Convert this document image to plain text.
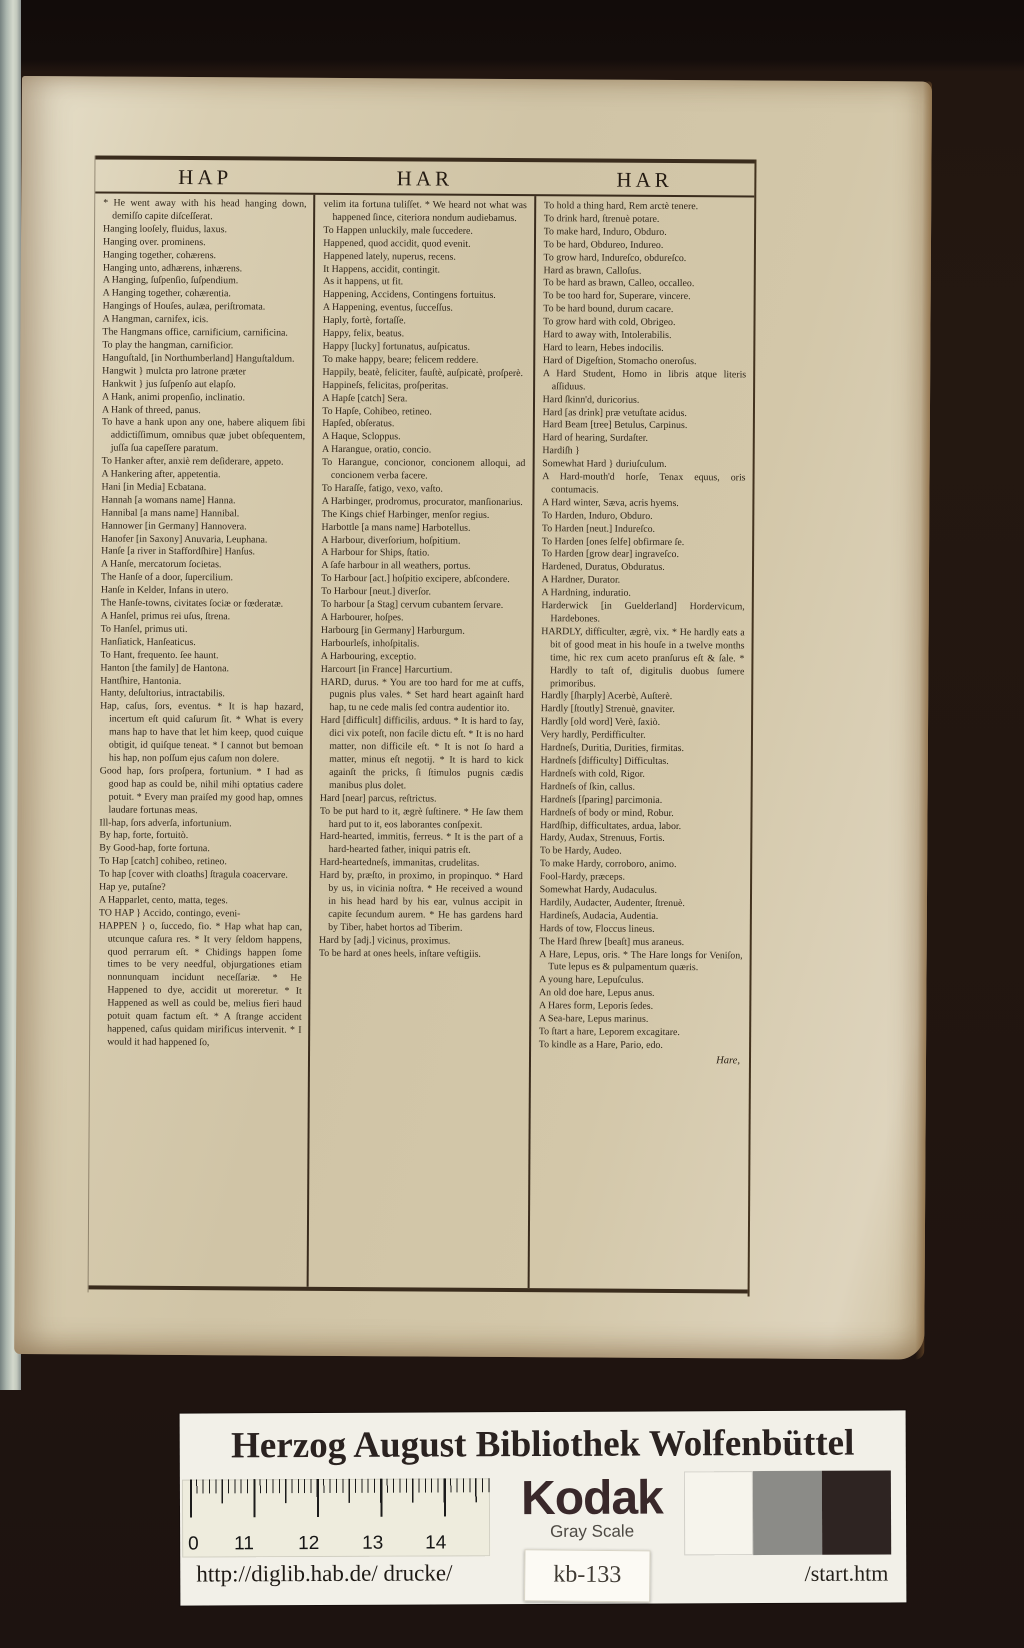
HAP	HAR	HAR

* He went away with his head hanging down, demiſſo capite diſceſſerat.

Hanging looſely, fluidus, laxus.

Hanging over. prominens.

Hanging together, cohærens.

Hanging unto, adhærens, inhærens.

A Hanging, ſuſpenſio, ſuſpendium.

A Hanging together, cohærentia.

Hangings of Houſes, aulæa, periſtromata.

A Hangman, carnifex, icis.

The Hangmans office, carnificium, carnificina.

To play the hangman, carnificior.

Hanguſtald, [in Northumberland] Hanguſtaldum.

Hangwit } mulcta pro latrone præter

Hankwit } jus ſuſpenſo aut elapſo.

A Hank, animi propenſio, inclinatio.

A Hank of threed, panus.

To have a hank upon any one, habere aliquem ſibi addictiſſimum, omnibus quæ jubet obſequentem, juſſa ſua capeſſere paratum.

To Hanker after, anxiè rem deſiderare, appeto.

A Hankering after, appetentia.

Hani [in Media] Ecbatana.

Hannah [a womans name] Hanna.

Hannibal [a mans name] Hannibal.

Hannower [in Germany] Hannovera.

Hanofer [in Saxony] Anuvaria, Leuphana.

Hanſe [a river in Staffordſhire] Hanſus.

A Hanſe, mercatorum ſocietas.

The Hanſe of a door, ſupercilium.

Hanſe in Kelder, Infans in utero.

The Hanſe-towns, civitates ſociæ or fœderatæ.

A Hanſel, primus rei uſus, ſtrena.

To Hanſel, primus uti.

Hanſiatick, Hanſeaticus.

To Hant, frequento. ſee haunt.

Hanton [the family] de Hantona.

Hantſhire, Hantonia.

Hanty, deſultorius, intractabilis.

Hap, caſus, ſors, eventus. * It is hap hazard, incertum eſt quid caſurum ſit. * What is every mans hap to have that let him keep, quod cuique obtigit, id quiſque teneat. * I cannot but bemoan his hap, non poſſum ejus caſum non dolere.

Good hap, ſors proſpera, fortunium. * I had as good hap as could be, nihil mihi optatius cadere potuit. * Every man praiſed my good hap, omnes laudare fortunas meas.

Ill-hap, ſors adverſa, infortunium.

By hap, forte, fortuitò.

By Good-hap, forte fortuna.

To Hap [catch] cohibeo, retineo.

To hap [cover with cloaths] ſtragula coacervare.

Hap ye, putaſne?

A Happarlet, cento, matta, teges.

TO HAP } Accido, contingo, eveni-

HAPPEN } o, ſuccedo, fio. * Hap what hap can, utcunque caſura res. * It very ſeldom happens, quod perrarum eſt. * Chidings happen ſome times to be very needful, objurgationes etiam nonnunquam incidunt neceſſariæ. * He Happened to dye, accidit ut moreretur. * It Happened as well as could be, melius fieri haud potuit quam factum eſt. * A ſtrange accident happened, caſus quidam mirificus intervenit. * I would it had happened ſo,

velim ita fortuna tuliſſet. * We heard not what was happened ſince, citeriora nondum audiebamus.

To Happen unluckily, male ſuccedere.

Happened, quod accidit, quod evenit.

Happened lately, nuperus, recens.

It Happens, accidit, contingit.

As it happens, ut fit.

Happening, Accidens, Contingens fortuitus.

A Happening, eventus, ſucceſſus.

Haply, fortè, fortaſſe.

Happy, felix, beatus.

Happy [lucky] fortunatus, auſpicatus.

To make happy, beare; felicem reddere.

Happily, beatè, feliciter, fauſtè, auſpicatè, proſperè.

Happineſs, felicitas, proſperitas.

A Hapſe [catch] Sera.

To Hapſe, Cohibeo, retineo.

Hapſed, obſeratus.

A Haque, Scloppus.

A Harangue, oratio, concio.

To Harangue, concionor, concionem alloqui, ad concionem verba facere.

To Haraſſe, fatigo, vexo, vaſto.

A Harbinger, prodromus, procurator, manſionarius.

The Kings chief Harbinger, menſor regius.

Harbottle [a mans name] Harbotellus.

A Harbour, diverſorium, hoſpitium.

A Harbour for Ships, ſtatio.

A ſafe harbour in all weathers, portus.

To Harbour [act.] hoſpitio excipere, abſcondere.

To Harbour [neut.] diverſor.

To harbour [a Stag] cervum cubantem ſervare.

A Harbourer, hoſpes.

Harbourg [in Germany] Harburgum.

Harbourleſs, inhoſpitalis.

A Harbouring, exceptio.

Harcourt [in France] Harcurtium.

HARD, durus. * You are too hard for me at cuffs, pugnis plus vales. * Set hard heart againſt hard hap, tu ne cede malis ſed contra audentior ito.

Hard [difficult] difficilis, arduus. * It is hard to ſay, dici vix poteſt, non facile dictu eſt. * It is no hard matter, non difficile eſt. * It is not ſo hard a matter, minus eſt negotij. * It is hard to kick againſt the pricks, ſi ſtimulos pugnis cædis manibus plus dolet.

Hard [near] parcus, reſtrictus.

To be put hard to it, ægrè ſuſtinere. * He ſaw them hard put to it, eos laborantes conſpexit.

Hard-hearted, immitis, ferreus. * It is the part of a hard-hearted father, iniqui patris eſt.

Hard-heartedneſs, immanitas, crudelitas.

Hard by, præſto, in proximo, in propinquo. * Hard by us, in vicinia noſtra. * He received a wound in his head hard by his ear, vulnus accipit in capite ſecundum aurem. * He has gardens hard by Tiber, habet hortos ad Tiberim.

Hard by [adj.] vicinus, proximus.

To be hard at ones heels, inſtare veſtigiis.

To hold a thing hard, Rem arctè tenere.

To drink hard, ſtrenuè potare.

To make hard, Induro, Obduro.

To be hard, Obdureo, Indureo.

To grow hard, Indureſco, obdureſco.

Hard as brawn, Calloſus.

To be hard as brawn, Calleo, occalleo.

To be too hard for, Superare, vincere.

To be hard bound, durum cacare.

To grow hard with cold, Obrigeo.

Hard to away with, Intolerabilis.

Hard to learn, Hebes indocilis.

Hard of Digeſtion, Stomacho oneroſus.

A Hard Student, Homo in libris atque literis aſſiduus.

Hard ſkinn'd, duricorius.

Hard [as drink] præ vetuſtate acidus.

Hard Beam [tree] Betulus, Carpinus.

Hard of hearing, Surdaſter.

Hardiſh }

Somewhat Hard } duriuſculum.

A Hard-mouth'd horſe, Tenax equus, oris contumacis.

A Hard winter, Sæva, acris hyems.

To Harden, Induro, Obduro.

To Harden [neut.] Indureſco.

To Harden [ones ſelfe] obfirmare ſe.

To Harden [grow dear] ingraveſco.

Hardened, Duratus, Obduratus.

A Hardner, Durator.

A Hardning, induratio.

Harderwick [in Guelderland] Hordervicum, Hardebones.

HARDLY, difficulter, ægrè, vix. * He hardly eats a bit of good meat in his houſe in a twelve months time, hic rex cum aceto pranſurus eſt & ſale. * Hardly to taſt of, digitulis duobus ſumere primoribus.

Hardly [ſharply] Acerbè, Auſterè.

Hardly [ſtoutly] Strenuè, gnaviter.

Hardly [old word] Verè, ſaxiò.

Very hardly, Perdifficulter.

Hardneſs, Duritia, Durities, firmitas.

Hardneſs [difficulty] Difficultas.

Hardneſs with cold, Rigor.

Hardneſs of ſkin, callus.

Hardneſs [ſparing] parcimonia.

Hardneſs of body or mind, Robur.

Hardſhip, difficultates, ardua, labor.

Hardy, Audax, Strenuus, Fortis.

To be Hardy, Audeo.

To make Hardy, corroboro, animo.

Fool-Hardy, præceps.

Somewhat Hardy, Audaculus.

Hardily, Audacter, Audenter, ſtrenuè.

Hardineſs, Audacia, Audentia.

Hards of tow, Floccus lineus.

The Hard ſhrew [beaſt] mus araneus.

A Hare, Lepus, oris. * The Hare longs for Veniſon, Tute lepus es & pulpamentum quæris.

A young hare, Lepuſculus.

An old doe hare, Lepus anus.

A Hares form, Leporis ſedes.

A Sea-hare, Lepus marinus.

To ſtart a hare, Leporem excagitare.

To kindle as a Hare, Pario, edo.

Hare,

Herzog August Bibliothek Wolfenbüttel
0 11 12 13 14
Kodak
Gray Scale
http://diglib.hab.de/ drucke/	kb-133	/start.htm
